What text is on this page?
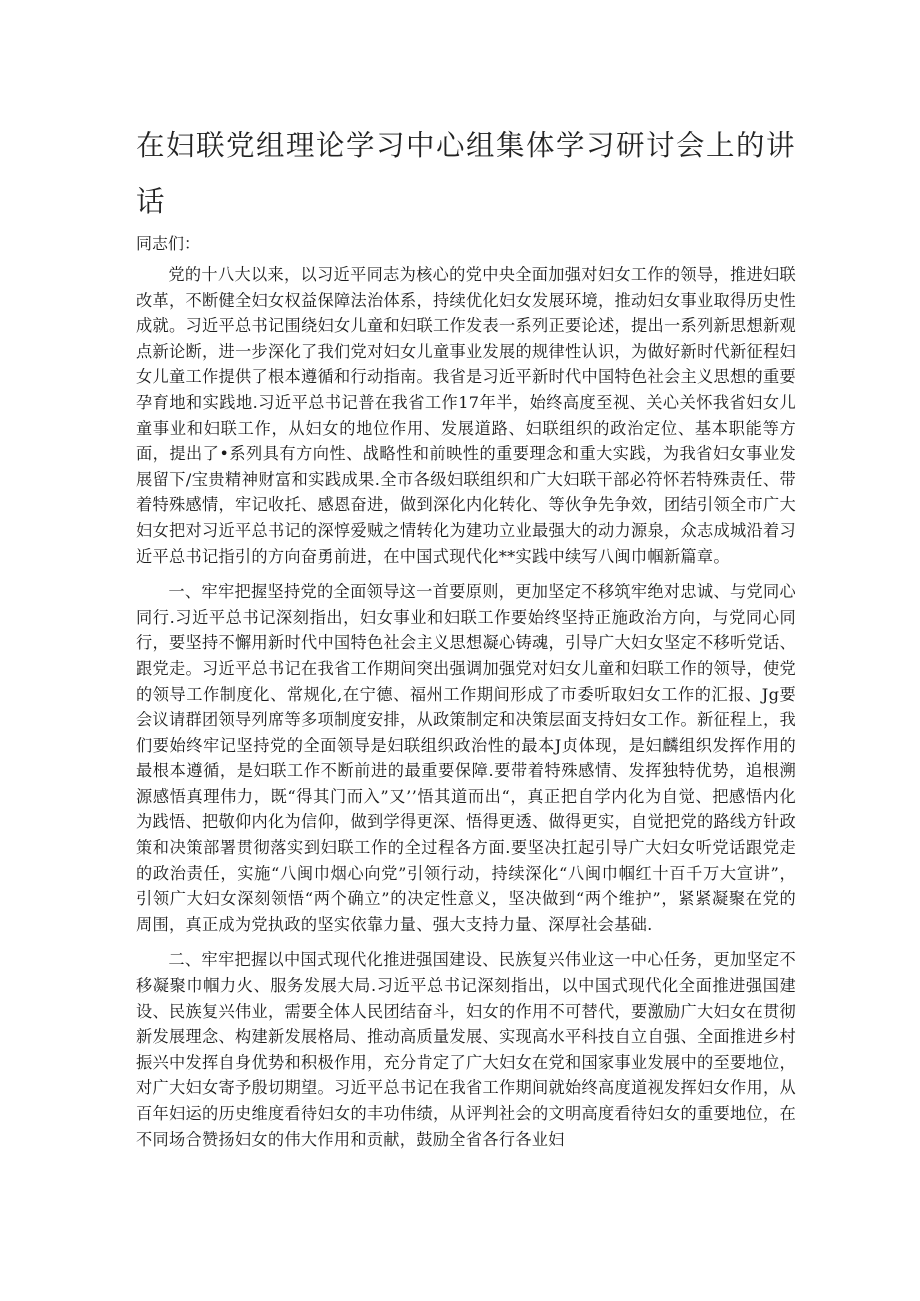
在妇联党组理论学习中心组集体学习研讨会上的讲话

同志们：

党的十八大以来，以习近平同志为核心的党中央全面加强对妇女工作的领导，推进妇联改革，不断健全妇女权益保障法治体系，持续优化妇女发展环境，推动妇女事业取得历史性成就。习近平总书记围绕妇女儿童和妇联工作发表一系列正要论述，提出一系列新思想新观点新论断，进一步深化了我们党对妇女儿童事业发展的规律性认识，为做好新时代新征程妇女儿童工作提供了根本遵循和行动指南。我省是习近平新时代中国特色社会主义思想的重要孕育地和实践地.习近平总书记普在我省工作17年半，始终高度至视、关心关怀我省妇女儿童事业和妇联工作，从妇女的地位作用、发展道路、妇联组织的政治定位、基本职能等方面，提出了•系列具有方向性、战略性和前映性的重要理念和重大实践，为我省妇女事业发展留下/宝贵精神财富和实践成果.全市各级妇联组织和广大妇联干部必符怀若特殊责任、带着特殊感情，牢记收托、感恩奋进，做到深化内化转化、等伙争先争效，团结引领全市广大妇女把对习近平总书记的深惇爱贼之情转化为建功立业最强大的动力源泉，众志成城沿着习近平总书记指引的方向奋勇前进，在中国式现代化**实践中续写八闽巾帼新篇章。

一、牢牢把握坚持党的全面领导这一首要原则，更加坚定不移筑牢绝对忠诚、与党同心同行.习近平总书记深刻指出，妇女事业和妇联工作要始终坚持正施政治方向，与党同心同行，要坚持不懈用新时代中国特色社会主义思想凝心铸魂，引导广大妇女坚定不移听党话、跟党走。习近平总书记在我省工作期间突出强调加强党对妇女儿童和妇联工作的领导，使党的领导工作制度化、常规化,在宁德、福州工作期间形成了市委听取妇女工作的汇报、Jg要会议请群团领导列席等多项制度安排，从政策制定和决策层面支持妇女工作。新征程上，我们要始终牢记坚持党的全面领导是妇联组织政治性的最本J贞体现，是妇麟组织发挥作用的最根本遵循，是妇联工作不断前进的最重要保障.要带着特殊感情、发挥独特优势，追根溯源感悟真理伟力，既“得其门而入”又’’悟其道而出“，真正把自学内化为自觉、把感悟内化为践悟、把敬仰内化为信仰，做到学得更深、悟得更透、做得更实，自觉把党的路线方针政策和决策部署贯彻落实到妇联工作的全过程各方面.要坚决扛起引导广大妇女听党话跟党走的政治责任，实施“八闽巾烟心向党”引领行动，持续深化“八闽巾帼红十百千万大宣讲”，引领广大妇女深刻领悟“两个确立”的决定性意义，坚决做到“两个维护”，紧紧凝聚在党的周围，真正成为党执政的坚实依靠力量、强大支持力量、深厚社会基础.

二、牢牢把握以中国式现代化推进强国建设、民族复兴伟业这一中心任务，更加坚定不移凝聚巾帼力火、服务发展大局.习近平总书记深刻指出，以中国式现代化全面推进强国建设、民族复兴伟业，需要全体人民团结奋斗，妇女的作用不可替代，要激励广大妇女在贯彻新发展理念、构建新发展格局、推动高质量发展、实现高水平科技自立自强、全面推进乡村振兴中发挥自身优势和积极作用，充分肯定了广大妇女在党和国家事业发展中的至要地位，对广大妇女寄予殷切期望。习近平总书记在我省工作期间就始终高度道视发挥妇女作用，从百年妇运的历史维度看待妇女的丰功伟绩，从评判社会的文明高度看待妇女的重要地位，在不同场合赞扬妇女的伟大作用和贡献，鼓励全省各行各业妇
